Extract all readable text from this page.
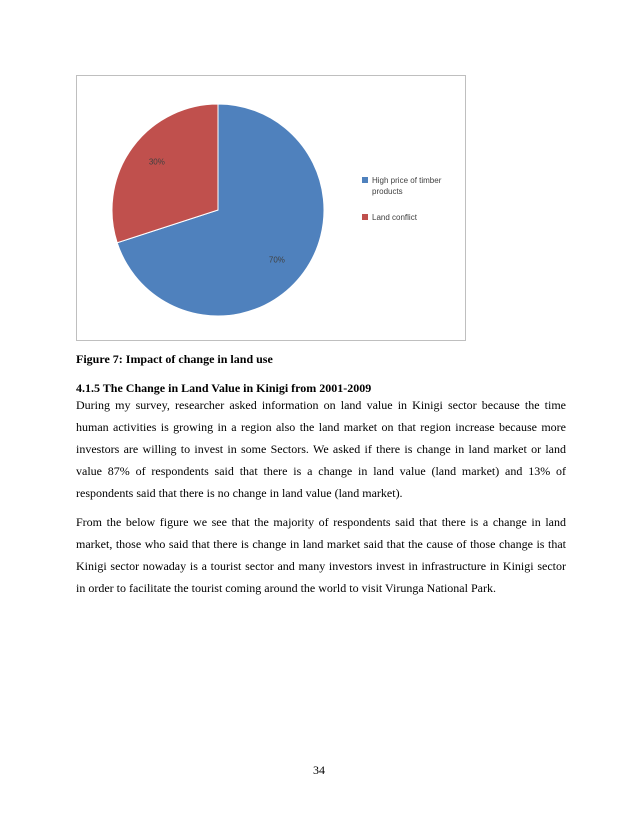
70%
30%
High price of timber products
Land conflict
Figure 7: Impact of change in land use
4.1.5 The Change in Land Value in Kinigi from 2001-2009

During my survey, researcher asked information on land value in Kinigi sector because the time human activities is growing in a region also the land market on that region increase because more investors are willing to invest in some Sectors. We asked if there is change in land market or land value 87% of respondents said that there is a change in land value (land market) and 13% of respondents said that there is no change in land value (land market).

From the below figure we see that the majority of respondents said that there is a change in land market, those who said that there is change in land market said that the cause of those change is that Kinigi sector nowaday is a tourist sector and many investors invest in infrastructure in Kinigi sector in order to facilitate the tourist coming around the world to visit Virunga National Park.

34
